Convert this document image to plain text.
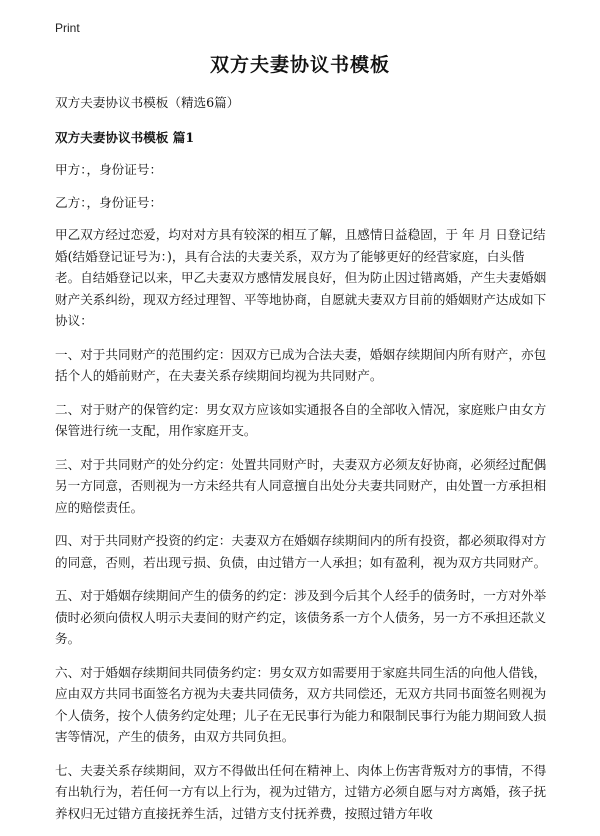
Print
双方夫妻协议书模板

双方夫妻协议书模板（精选6篇）

双方夫妻协议书模板 篇1

甲方：，身份证号：

乙方：，身份证号：

甲乙双方经过恋爱，均对对方具有较深的相互了解，且感情日益稳固，于 年 月 日登记结婚(结婚登记证号为：)，具有合法的夫妻关系，双方为了能够更好的经营家庭，白头偕老。自结婚登记以来，甲乙夫妻双方感情发展良好，但为防止因过错离婚，产生夫妻婚姻财产关系纠纷，现双方经过理智、平等地协商，自愿就夫妻双方目前的婚姻财产达成如下协议：

一、对于共同财产的范围约定：因双方已成为合法夫妻，婚姻存续期间内所有财产，亦包括个人的婚前财产，在夫妻关系存续期间均视为共同财产。

二、对于财产的保管约定：男女双方应该如实通报各自的全部收入情况，家庭账户由女方保管进行统一支配，用作家庭开支。

三、对于共同财产的处分约定：处置共同财产时，夫妻双方必须友好协商，必须经过配偶另一方同意，否则视为一方未经共有人同意擅自出处分夫妻共同财产，由处置一方承担相应的赔偿责任。

四、对于共同财产投资的约定：夫妻双方在婚姻存续期间内的所有投资，都必须取得对方的同意，否则，若出现亏损、负债，由过错方一人承担；如有盈利，视为双方共同财产。

五、对于婚姻存续期间产生的债务的约定：涉及到今后其个人经手的债务时，一方对外举债时必须向债权人明示夫妻间的财产约定，该债务系一方个人债务，另一方不承担还款义务。

六、对于婚姻存续期间共同债务约定：男女双方如需要用于家庭共同生活的向他人借钱，应由双方共同书面签名方视为夫妻共同债务，双方共同偿还，无双方共同书面签名则视为个人债务，按个人债务约定处理；儿子在无民事行为能力和限制民事行为能力期间致人损害等情况，产生的债务，由双方共同负担。

七、夫妻关系存续期间，双方不得做出任何在精神上、肉体上伤害背叛对方的事情，不得有出轨行为，若任何一方有以上行为，视为过错方，过错方必须自愿与对方离婚，孩子抚养权归无过错方直接抚养生活，过错方支付抚养费，按照过错方年收
